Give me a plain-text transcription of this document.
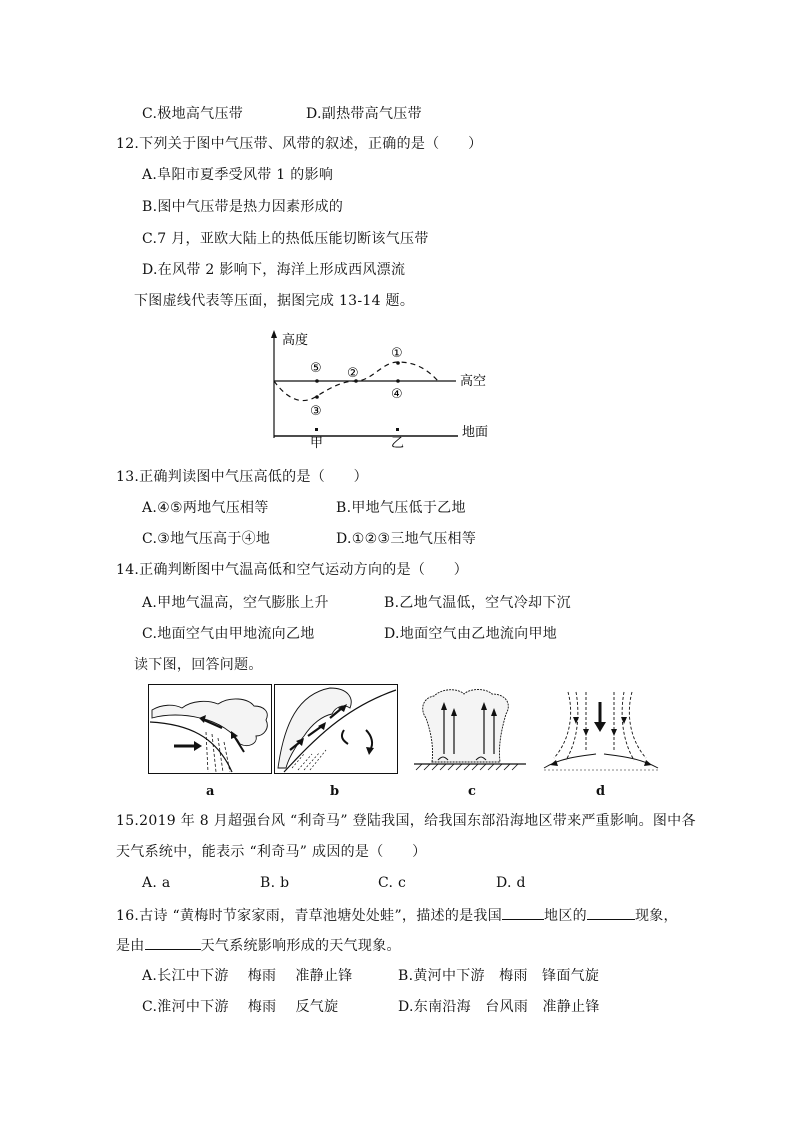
C.极地高气压带	D.副热带高气压带
12.下列关于图中气压带、风带的叙述，正确的是（　　）
A.阜阳市夏季受风带 1 的影响
B.图中气压带是热力因素形成的
C.7 月，亚欧大陆上的热低压能切断该气压带
D.在风带 2 影响下，海洋上形成西风漂流
下图虚线代表等压面，据图完成 13-14 题。
高度
高空
地面
⑤
③
②
①
④
甲	乙
13.正确判读图中气压高低的是（　　）
A.④⑤两地气压相等	B.甲地气压低于乙地
C.③地气压高于④地	D.①②③三地气压相等
14.正确判断图中气温高低和空气运动方向的是（　　）
A.甲地气温高，空气膨胀上升	B.乙地气温低，空气冷却下沉
C.地面空气由甲地流向乙地	D.地面空气由乙地流向甲地
读下图，回答问题。
a	b	c	d
15.2019 年 8 月超强台风 “利奇马” 登陆我国，给我国东部沿海地区带来严重影响。图中各
天气系统中，能表示 “利奇马” 成因的是（　　）
A. a	B. b	C. c	D. d
16.古诗 “黄梅时节家家雨，青草池塘处处蛙”，描述的是我国	地区的	现象，
是由	天气系统影响形成的天气现象。
A.长江中下游　 梅雨　 准静止锋	B.黄河中下游　梅雨　锋面气旋
C.淮河中下游　 梅雨　 反气旋	D.东南沿海　台风雨　准静止锋
